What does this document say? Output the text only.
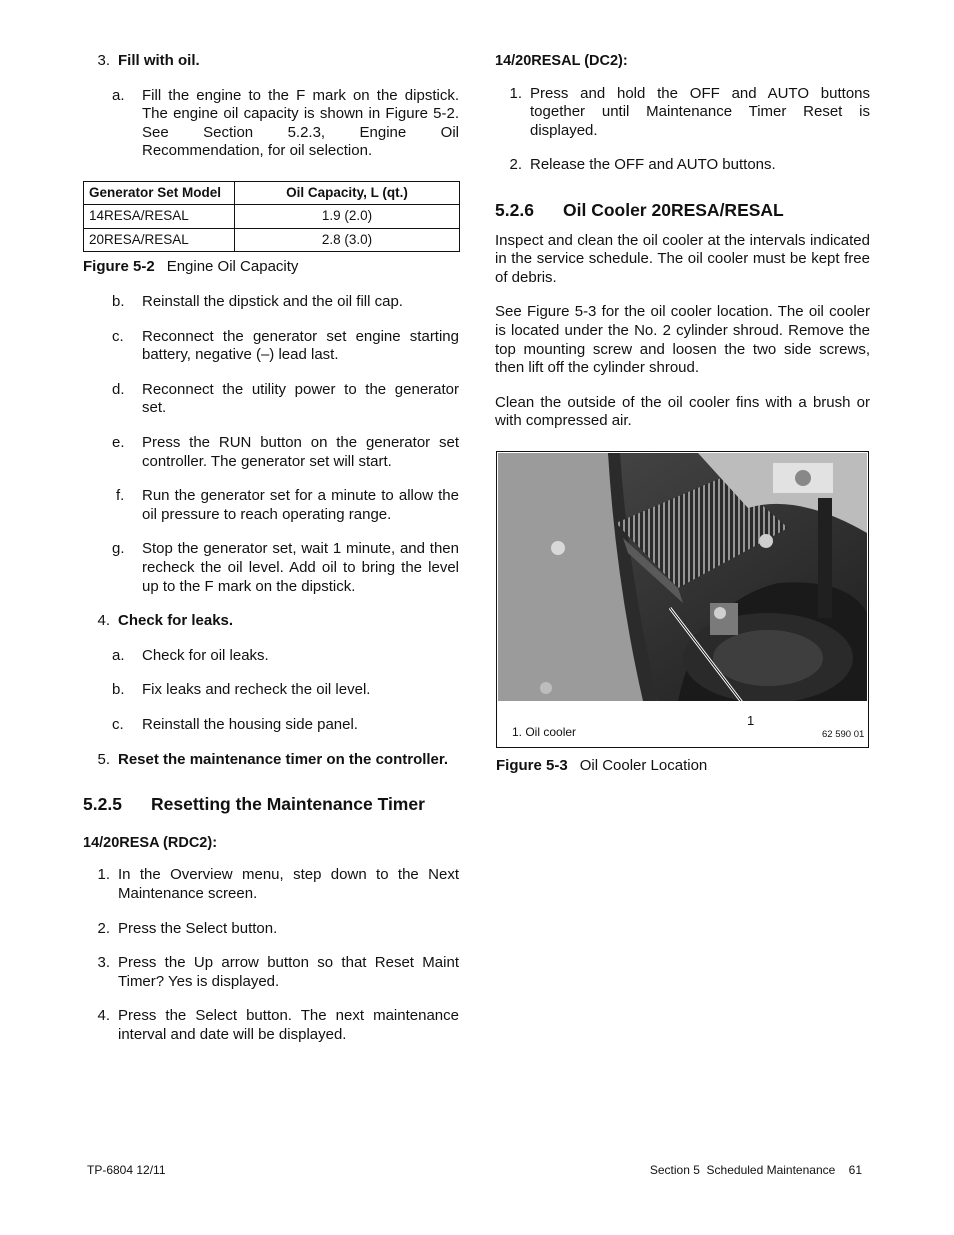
3. Fill with oil.
a.	Fill the engine to the F mark on the dipstick. The engine oil capacity is shown in Figure 5-2. See Section 5.2.3, Engine Oil Recommendation, for oil selection.
Generator Set Model	Oil Capacity, L (qt.)
14RESA/RESAL	1.9 (2.0)
20RESA/RESAL	2.8 (3.0)
Figure 5-2 Engine Oil Capacity
b.	Reinstall the dipstick and the oil fill cap.
c.	Reconnect the generator set engine starting battery, negative (–) lead last.
d.	Reconnect the utility power to the generator set.
e.	Press the RUN button on the generator set controller. The generator set will start.
f.	Run the generator set for a minute to allow the oil pressure to reach operating range.
g.	Stop the generator set, wait 1 minute, and then recheck the oil level. Add oil to bring the level up to the F mark on the dipstick.
4. Check for leaks.
a.	Check for oil leaks.
b.	Fix leaks and recheck the oil level.
c.	Reinstall the housing side panel.
5. Reset the maintenance timer on the controller.
5.2.5	Resetting the Maintenance Timer
14/20RESA (RDC2):
1. In the Overview menu, step down to the Next Maintenance screen.
2. Press the Select button.
3. Press the Up arrow button so that Reset Maint Timer? Yes is displayed.
4. Press the Select button. The next maintenance interval and date will be displayed.
14/20RESAL (DC2):
1. Press and hold the OFF and AUTO buttons together until Maintenance Timer Reset is displayed.
2. Release the OFF and AUTO buttons.
5.2.6	Oil Cooler 20RESA/RESAL

Inspect and clean the oil cooler at the intervals indicated in the service schedule. The oil cooler must be kept free of debris.

See Figure 5-3 for the oil cooler location. The oil cooler is located under the No. 2 cylinder shroud. Remove the top mounting screw and loosen the two side screws, then lift off the cylinder shroud.

Clean the outside of the oil cooler fins with a brush or with compressed air.

1
1. Oil cooler	62 590 01
Figure 5-3 Oil Cooler Location
TP-6804 12/11	Section 5  Scheduled Maintenance    61
